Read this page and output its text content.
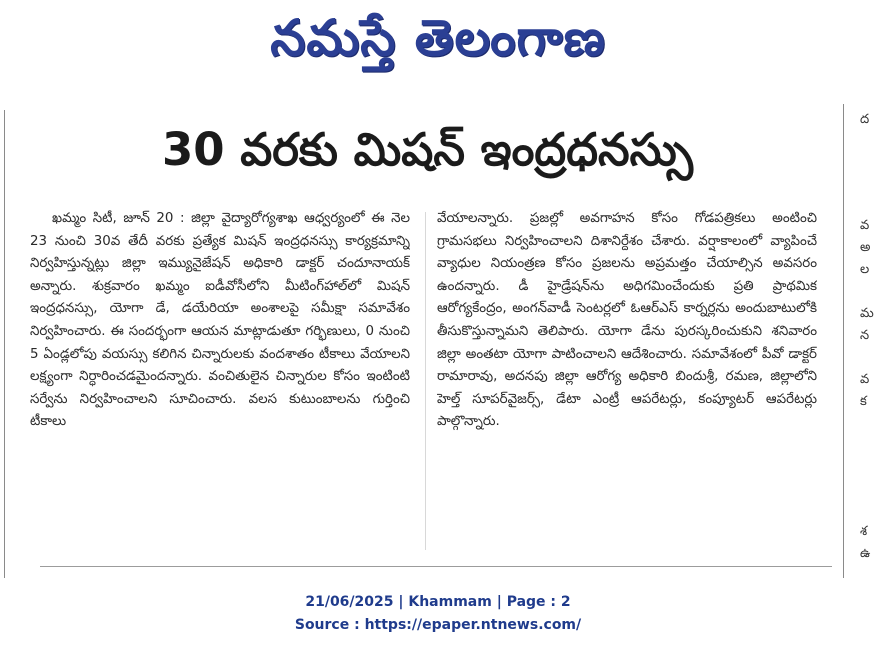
నమస్తే తెలంగాణ
ద
వ
అ
ల
మ
న
వ
క
శ
ఉ
30 వరకు మిషన్ ఇంద్రధనస్సు
ఖమ్మం సిటీ, జూన్ 20 : జిల్లా వైద్యారోగ్యశాఖ ఆధ్వర్యంలో ఈ నెల 23 నుంచి 30వ తేదీ వరకు ప్రత్యేక మిషన్ ఇంద్రధనస్సు కార్యక్రమాన్ని నిర్వహిస్తున్నట్లు జిల్లా ఇమ్యునైజేషన్ అధికారి డాక్టర్ చందూనాయక్ అన్నారు. శుక్రవారం ఖమ్మం ఐడీవోసీలోని మీటింగ్‌హాల్‌లో మిషన్ ఇంద్రధనస్సు, యోగా డే, డయేరియా అంశాలపై సమీక్షా సమావేశం నిర్వహించారు. ఈ సందర్భంగా ఆయన మాట్లాడుతూ గర్భిణులు, 0 నుంచి 5 ఏండ్లలోపు వయస్సు కలిగిన చిన్నారులకు వందశాతం టీకాలు వేయాలని లక్ష్యంగా నిర్ధారించడమైందన్నారు. వంచితులైన చిన్నారుల కోసం ఇంటింటి సర్వేను నిర్వహించాలని సూచించారు. వలస కుటుంబాలను గుర్తించి టీకాలు
వేయాలన్నారు. ప్రజల్లో అవగాహన కోసం గోడపత్రికలు అంటించి గ్రామసభలు నిర్వహించాలని దిశానిర్దేశం చేశారు. వర్షాకాలంలో వ్యాపించే వ్యాధుల నియంత్రణ కోసం ప్రజలను అప్రమత్తం చేయాల్సిన అవసరం ఉందన్నారు. డీ హైడ్రేషన్‌ను అధిగమించేందుకు ప్రతి ప్రాథమిక ఆరోగ్యకేంద్రం, అంగన్‌వాడీ సెంటర్లలో ఓఆర్‌ఎస్ కార్నర్లను అందుబాటులోకి తీసుకొస్తున్నామని తెలిపారు. యోగా డేను పురస్కరించుకుని శనివారం జిల్లా అంతటా యోగా పాటించాలని ఆదేశించారు. సమావేశంలో పీవో డాక్టర్ రామారావు, అదనపు జిల్లా ఆరోగ్య అధికారి బిందుశ్రీ, రమణ, జిల్లాలోని హెల్త్ సూపర్‌వైజర్స్, డేటా ఎంట్రీ ఆపరేటర్లు, కంప్యూటర్ ఆపరేటర్లు పాల్గొన్నారు.
21/06/2025 | Khammam | Page : 2
Source : https://epaper.ntnews.com/
